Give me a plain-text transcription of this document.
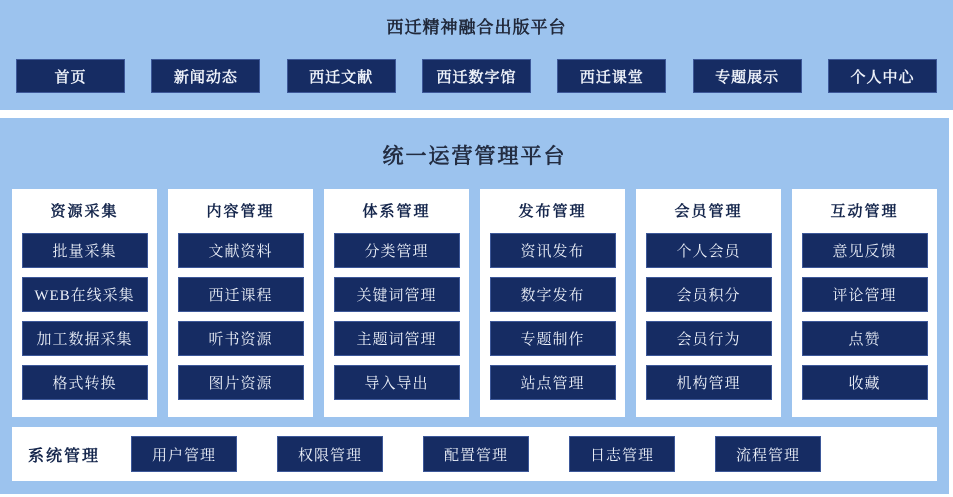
西迁精神融合出版平台
首页	新闻动态	西迁文献	西迁数字馆	西迁课堂	专题展示	个人中心
统一运营管理平台
资源采集
批量采集
WEB在线采集
加工数据采集
格式转换
内容管理
文献资料
西迁课程
听书资源
图片资源
体系管理
分类管理
关键词管理
主题词管理
导入导出
发布管理
资讯发布
数字发布
专题制作
站点管理
会员管理
个人会员
会员积分
会员行为
机构管理
互动管理
意见反馈
评论管理
点赞
收藏
系统管理	用户管理	权限管理	配置管理	日志管理	流程管理
